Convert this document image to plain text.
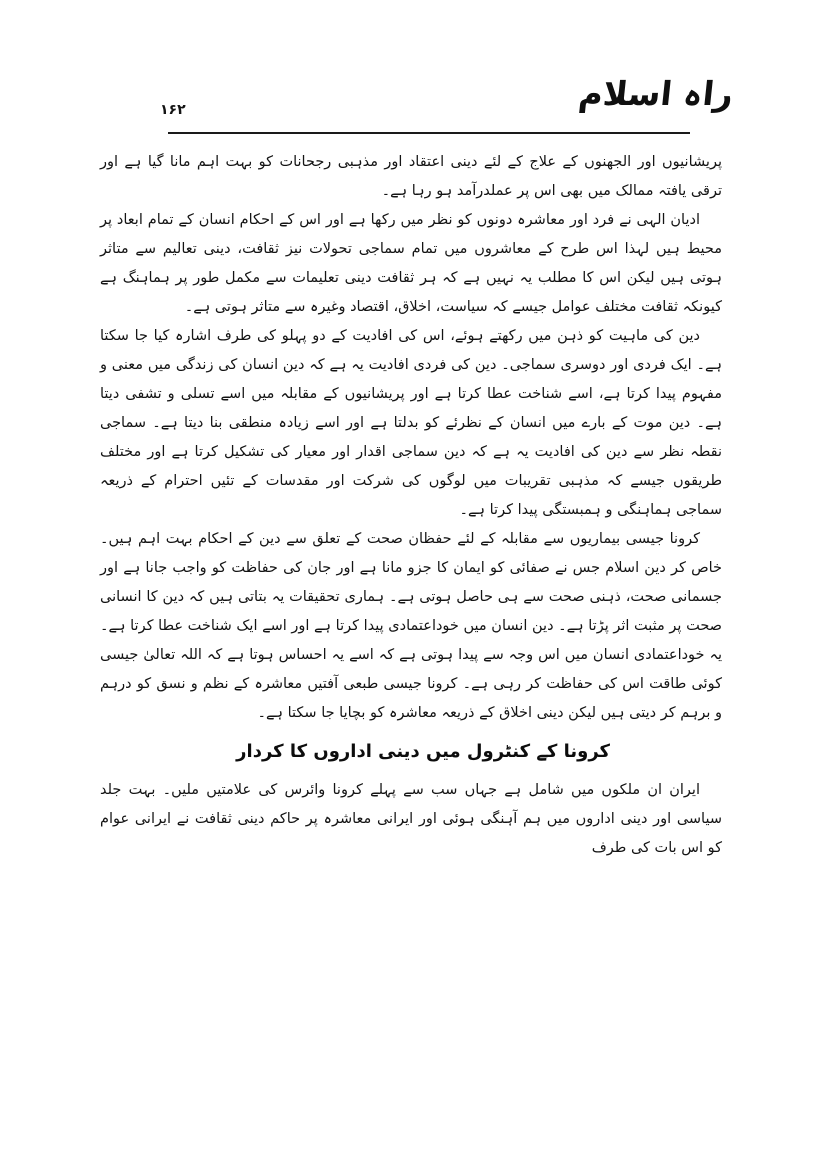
۱۶۲	راہ اسلام

پریشانیوں اور الجھنوں کے علاج کے لئے دینی اعتقاد اور مذہبی رجحانات کو بہت اہم مانا گیا ہے اور ترقی یافتہ ممالک میں بھی اس پر عملدرآمد ہو رہا ہے۔

ادیان الہی نے فرد اور معاشرہ دونوں کو نظر میں رکھا ہے اور اس کے احکام انسان کے تمام ابعاد پر محیط ہیں لہذا اس طرح کے معاشروں میں تمام سماجی تحولات نیز ثقافت، دینی تعالیم سے متاثر ہوتی ہیں لیکن اس کا مطلب یہ نہیں ہے کہ ہر ثقافت دینی تعلیمات سے مکمل طور پر ہماہنگ ہے کیونکہ ثقافت مختلف عوامل جیسے کہ سیاست، اخلاق، اقتصاد وغیرہ سے متاثر ہوتی ہے۔

دین کی ماہیت کو ذہن میں رکھتے ہوئے، اس کی افادیت کے دو پہلو کی طرف اشارہ کیا جا سکتا ہے۔ ایک فردی اور دوسری سماجی۔ دین کی فردی افادیت یہ ہے کہ دین انسان کی زندگی میں معنی و مفہوم پیدا کرتا ہے، اسے شناخت عطا کرتا ہے اور پریشانیوں کے مقابلہ میں اسے تسلی و تشفی دیتا ہے۔ دین موت کے بارے میں انسان کے نظرئے کو بدلتا ہے اور اسے زیادہ منطقی بنا دیتا ہے۔ سماجی نقطہ نظر سے دین کی افادیت یہ ہے کہ دین سماجی اقدار اور معیار کی تشکیل کرتا ہے اور مختلف طریقوں جیسے کہ مذہبی تقریبات میں لوگوں کی شرکت اور مقدسات کے تئیں احترام کے ذریعہ سماجی ہماہنگی و ہمبستگی پیدا کرتا ہے۔

کرونا جیسی بیماریوں سے مقابلہ کے لئے حفظان صحت کے تعلق سے دین کے احکام بہت اہم ہیں۔ خاص کر دین اسلام جس نے صفائی کو ایمان کا جزو مانا ہے اور جان کی حفاظت کو واجب جانا ہے اور جسمانی صحت، ذہنی صحت سے ہی حاصل ہوتی ہے۔ ہماری تحقیقات یہ بتاتی ہیں کہ دین کا انسانی صحت پر مثبت اثر پڑتا ہے۔ دین انسان میں خوداعتمادی پیدا کرتا ہے اور اسے ایک شناخت عطا کرتا ہے۔ یہ خوداعتمادی انسان میں اس وجہ سے پیدا ہوتی ہے کہ اسے یہ احساس ہوتا ہے کہ اللہ تعالیٰ جیسی کوئی طاقت اس کی حفاظت کر رہی ہے۔ کرونا جیسی طبعی آفتیں معاشرہ کے نظم و نسق کو درہم و برہم کر دیتی ہیں لیکن دینی اخلاق کے ذریعہ معاشرہ کو بچایا جا سکتا ہے۔

کرونا کے کنٹرول میں دینی اداروں کا کردار

ایران ان ملکوں میں شامل ہے جہاں سب سے پہلے کرونا وائرس کی علامتیں ملیں۔ بہت جلد سیاسی اور دینی اداروں میں ہم آہنگی ہوئی اور ایرانی معاشرہ پر حاکم دینی ثقافت نے ایرانی عوام کو اس بات کی طرف
